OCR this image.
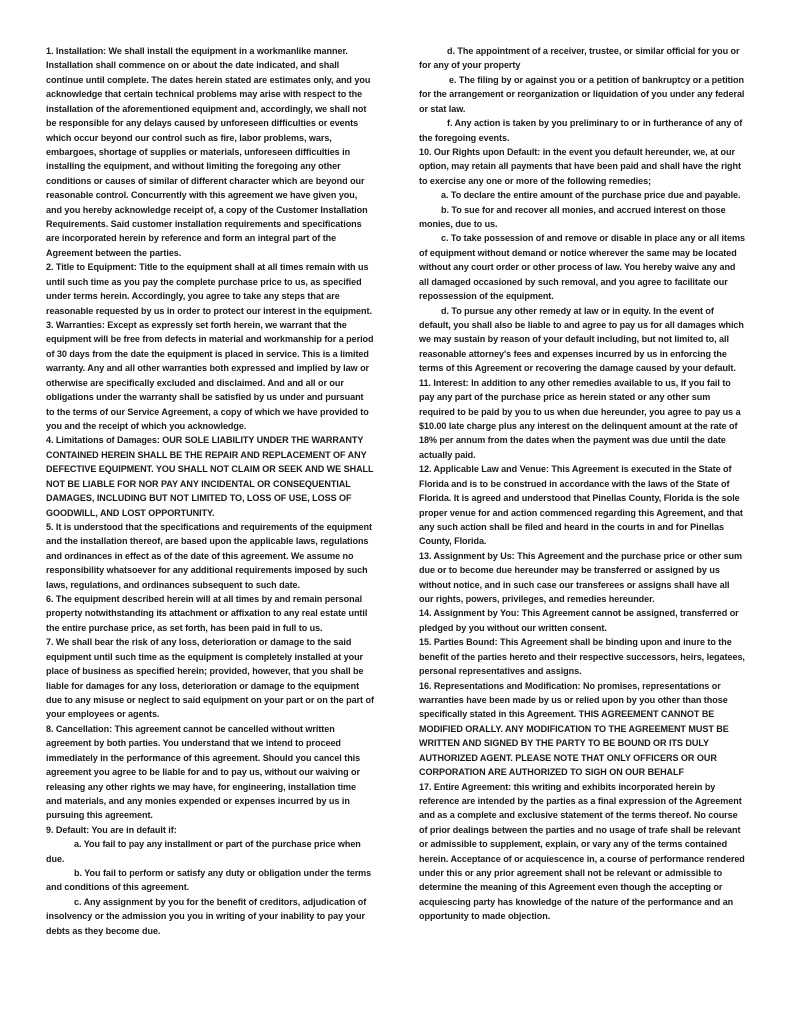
1. Installation: We shall install the equipment in a workmanlike manner. Installation shall commence on or about the date indicated, and shall continue until complete. The dates herein stated are estimates only, and you acknowledge that certain technical problems may arise with respect to the installation of the aforementioned equipment and, accordingly, we shall not be responsible for any delays caused by unforeseen difficulties or events which occur beyond our control such as fire, labor problems, wars, embargoes, shortage of supplies or materials, unforeseen difficulties in installing the equipment, and without limiting the foregoing any other conditions or causes of similar of different character which are beyond our reasonable control. Concurrently with this agreement we have given you, and you hereby acknowledge receipt of, a copy of the Customer Installation Requirements. Said customer installation requirements and specifications are incorporated herein by reference and form an integral part of the Agreement between the parties.

2. Title to Equipment: Title to the equipment shall at all times remain with us until such time as you pay the complete purchase price to us, as specified under terms herein. Accordingly, you agree to take any steps that are reasonable requested by us in order to protect our interest in the equipment.

3. Warranties: Except as expressly set forth herein, we warrant that the equipment will be free from defects in material and workmanship for a period of 30 days from the date the equipment is placed in service. This is a limited warranty. Any and all other warranties both expressed and implied by law or otherwise are specifically excluded and disclaimed. And and all or our obligations under the warranty shall be satisfied by us under and pursuant to the terms of our Service Agreement, a copy of which we have provided to you and the receipt of which you acknowledge.

4. Limitations of Damages: OUR SOLE LIABILITY UNDER THE WARRANTY CONTAINED HEREIN SHALL BE THE REPAIR AND REPLACEMENT OF ANY DEFECTIVE EQUIPMENT. YOU SHALL NOT CLAIM OR SEEK AND WE SHALL NOT BE LIABLE FOR NOR PAY ANY INCIDENTAL OR CONSEQUENTIAL DAMAGES, INCLUDING BUT NOT LIMITED TO, LOSS OF USE, LOSS OF GOODWILL, AND LOST OPPORTUNITY.

5. It is understood that the specifications and requirements of the equipment and the installation thereof, are based upon the applicable laws, regulations and ordinances in effect as of the date of this agreement. We assume no responsibility whatsoever for any additional requirements imposed by such laws, regulations, and ordinances subsequent to such date.

6. The equipment described herein will at all times by and remain personal property notwithstanding its attachment or affixation to any real estate until the entire purchase price, as set forth, has been paid in full to us.

7. We shall bear the risk of any loss, deterioration or damage to the said equipment until such time as the equipment is completely installed at your place of business as specified herein; provided, however, that you shall be liable for damages for any loss, deterioration or damage to the equipment due to any misuse or neglect to said equipment on your part or on the part of your employees or agents.

8. Cancellation: This agreement cannot be cancelled without written agreement by both parties. You understand that we intend to proceed immediately in the performance of this agreement. Should you cancel this agreement you agree to be liable for and to pay us, without our waiving or releasing any other rights we may have, for engineering, installation time and materials, and any monies expended or expenses incurred by us in pursuing this agreement.

9. Default: You are in default if:

a. You fail to pay any installment or part of the purchase price when due.

b. You fail to perform or satisfy any duty or obligation under the terms and conditions of this agreement.

c. Any assignment by you for the benefit of creditors, adjudication of insolvency or the admission you you in writing of your inability to pay your debts as they become due.

d. The appointment of a receiver, trustee, or similar official for you or for any of your property

e. The filing by or against you or a petition of bankruptcy or a petition for the arrangement or reorganization or liquidation of you under any federal or stat law.

f. Any action is taken by you preliminary to or in furtherance of any of the foregoing events.

10. Our Rights upon Default: in the event you default hereunder, we, at our option, may retain all payments that have been paid and shall have the right to exercise any one or more of the following remedies;

a. To declare the entire amount of the purchase price due and payable.

b. To sue for and recover all monies, and accrued interest on those monies, due to us.

c. To take possession of and remove or disable in place any or all items of equipment without demand or notice wherever the same may be located without any court order or other process of law. You hereby waive any and all damaged occasioned by such removal, and you agree to facilitate our repossession of the equipment.

d. To pursue any other remedy at law or in equity. In the event of default, you shall also be liable to and agree to pay us for all damages which we may sustain by reason of your default including, but not limited to, all reasonable attorney's fees and expenses incurred by us in enforcing the terms of this Agreement or recovering the damage caused by your default.

11. Interest: In addition to any other remedies available to us, If you fail to pay any part of the purchase price as herein stated or any other sum required to be paid by you to us when due hereunder, you agree to pay us a $10.00 late charge plus any interest on the delinquent amount at the rate of 18% per annum from the dates when the payment was due until the date actually paid.

12. Applicable Law and Venue: This Agreement is executed in the State of Florida and is to be construed in accordance with the laws of the State of Florida. It is agreed and understood that Pinellas County, Florida is the sole proper venue for and action commenced regarding this Agreement, and that any such action shall be filed and heard in the courts in and for Pinellas County, Florida.

13. Assignment by Us: This Agreement and the purchase price or other sum due or to become due hereunder may be transferred or assigned by us without notice, and in such case our transferees or assigns shall have all our rights, powers, privileges, and remedies hereunder.

14. Assignment by You: This Agreement cannot be assigned, transferred or pledged by you without our written consent.

15. Parties Bound: This Agreement shall be binding upon and inure to the benefit of the parties hereto and their respective successors, heirs, legatees, personal representatives and assigns.

16. Representations and Modification: No promises, representations or warranties have been made by us or relied upon by you other than those specifically stated in this Agreement. THIS AGREEMENT CANNOT BE MODIFIED ORALLY. ANY MODIFICATION TO THE AGREEMENT MUST BE WRITTEN AND SIGNED BY THE PARTY TO BE BOUND OR ITS DULY AUTHORIZED AGENT. PLEASE NOTE THAT ONLY OFFICERS OR OUR CORPORATION ARE AUTHORIZED TO SIGH ON OUR BEHALF

17. Entire Agreement: this writing and exhibits incorporated herein by reference are intended by the parties as a final expression of the Agreement and as a complete and exclusive statement of the terms thereof. No course of prior dealings between the parties and no usage of trafe shall be relevant or admissible to supplement, explain, or vary any of the terms contained herein. Acceptance of or acquiescence in, a course of performance rendered under this or any prior agreement shall not be relevant or admissible to determine the meaning of this Agreement even though the accepting or acquiescing party has knowledge of the nature of the performance and an opportunity to made objection.
